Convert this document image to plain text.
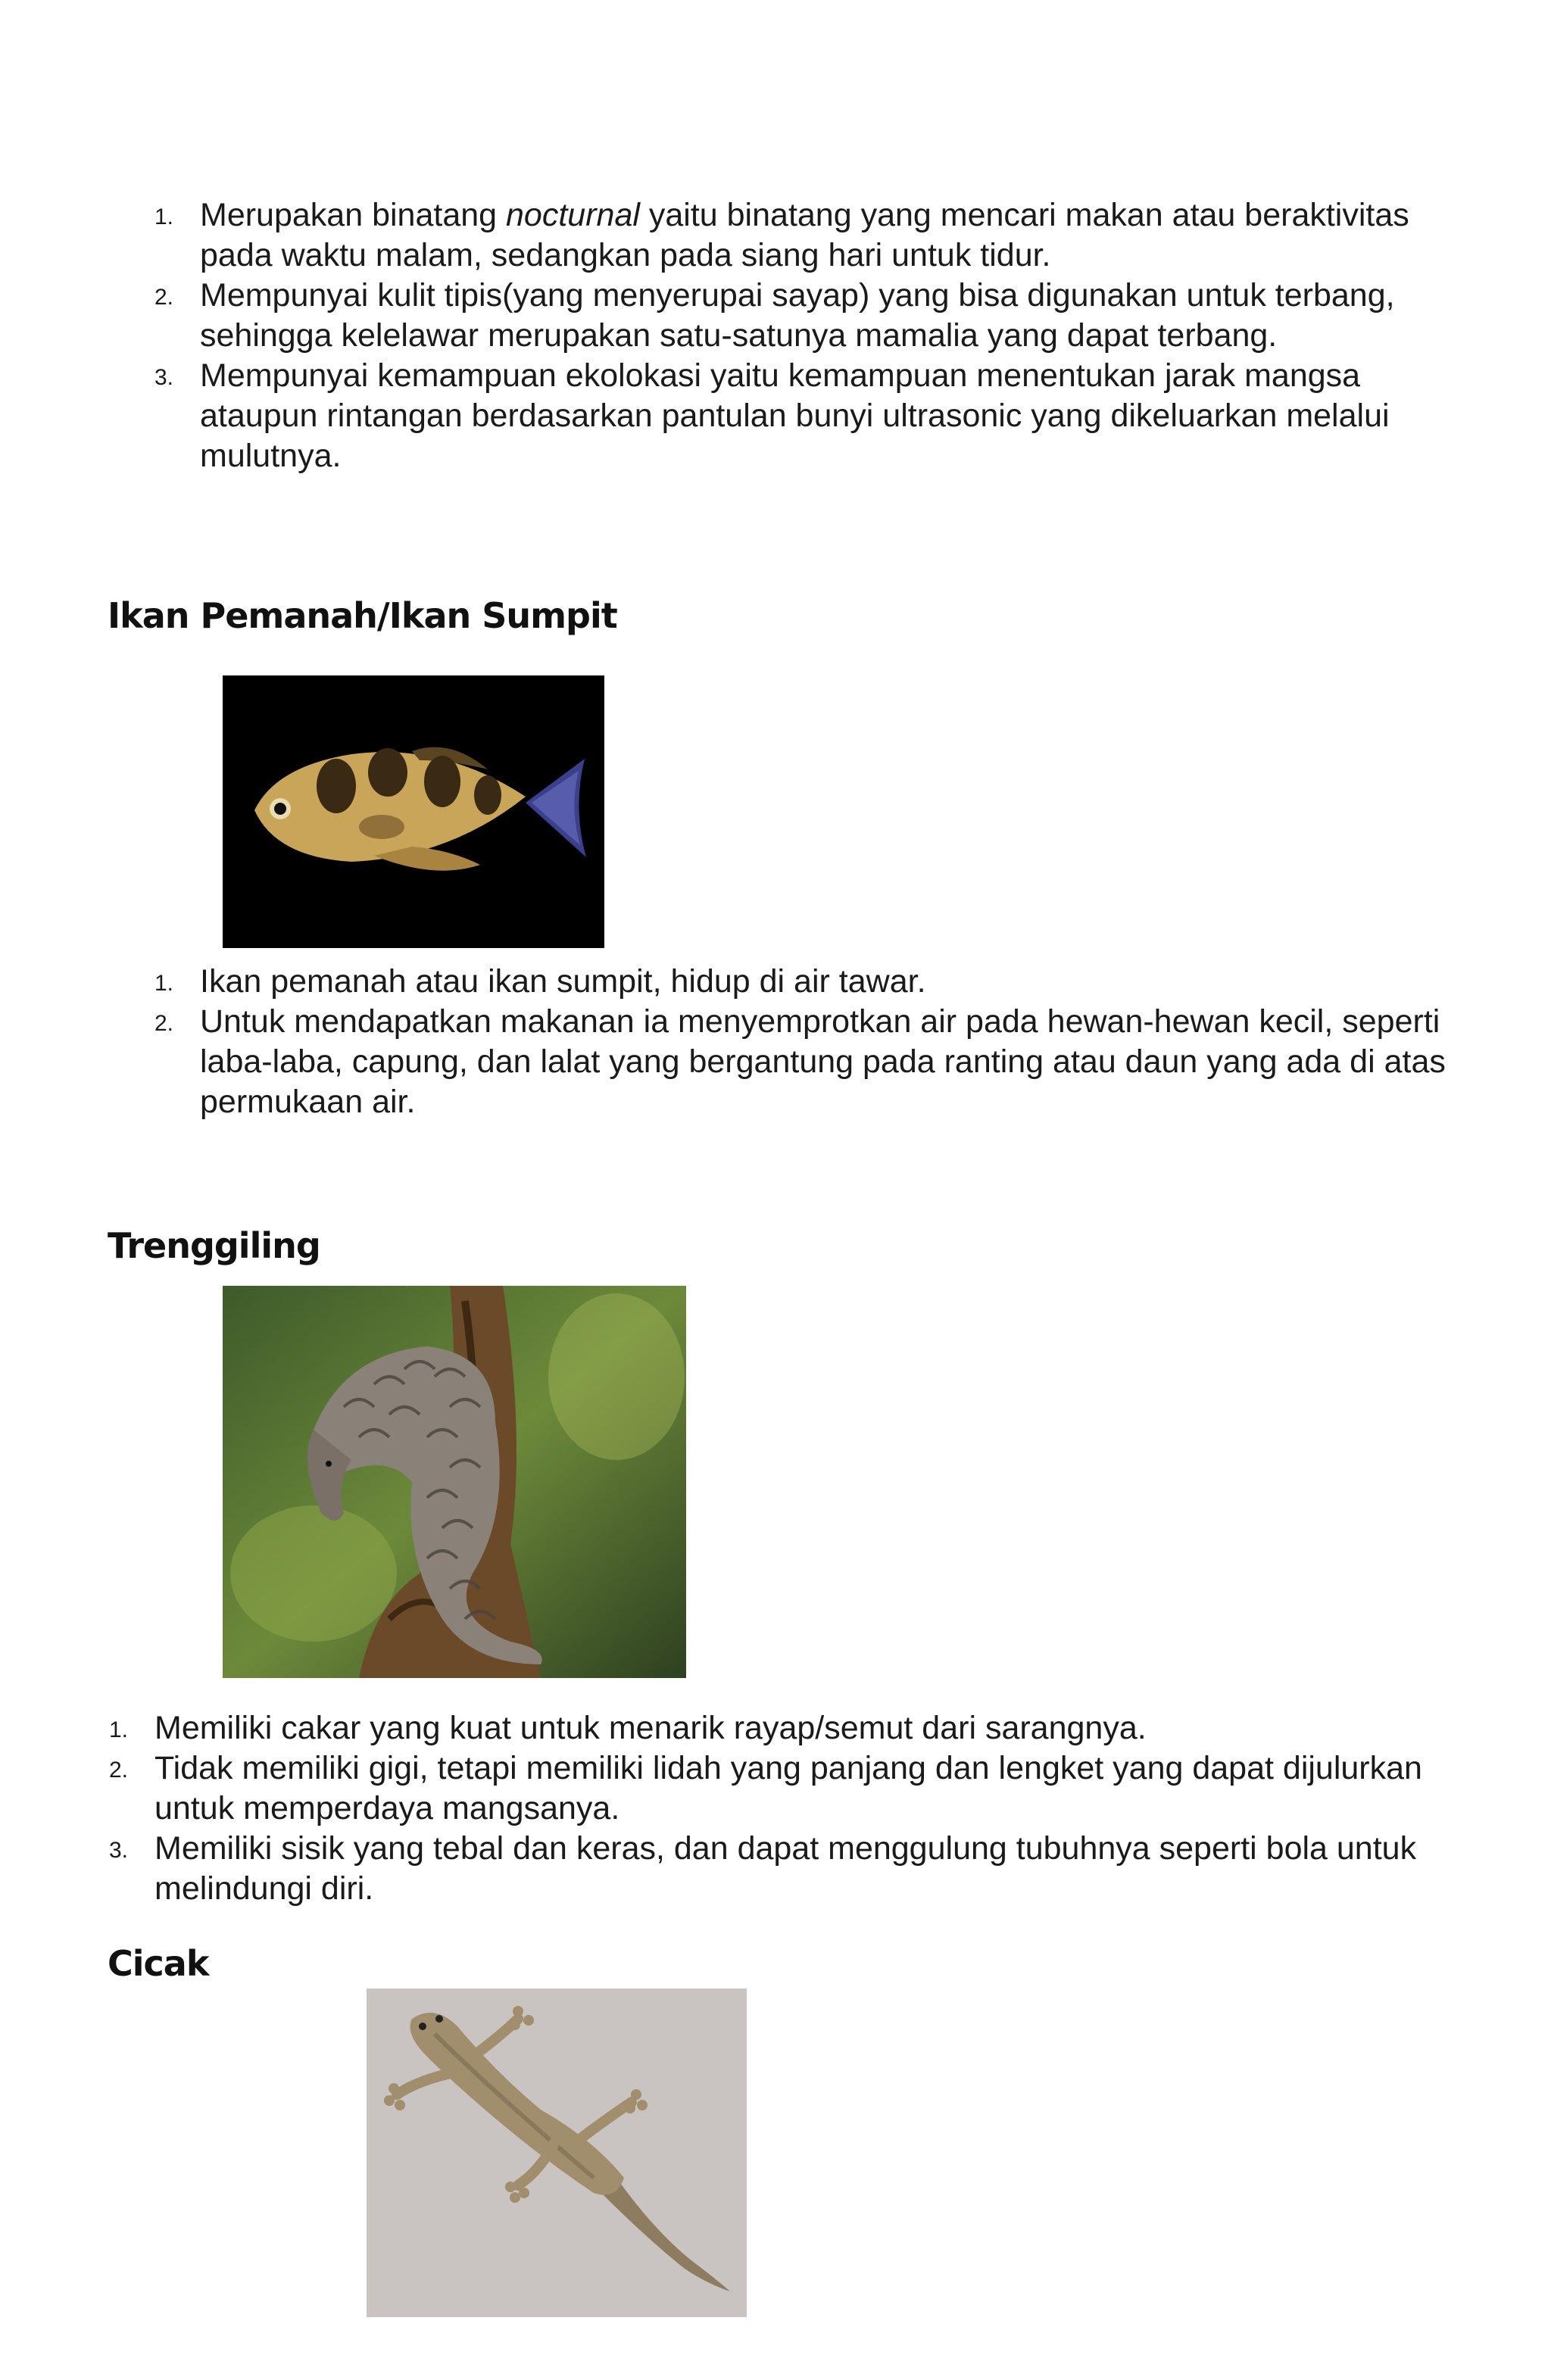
1. Merupakan binatang nocturnal yaitu binatang yang mencari makan atau beraktivitas pada waktu malam, sedangkan pada siang hari untuk tidur.
2. Mempunyai kulit tipis(yang menyerupai sayap) yang bisa digunakan untuk terbang, sehingga kelelawar merupakan satu-satunya mamalia yang dapat terbang.
3. Mempunyai kemampuan ekolokasi yaitu kemampuan menentukan jarak mangsa ataupun rintangan berdasarkan pantulan bunyi ultrasonic yang dikeluarkan melalui mulutnya.
Ikan Pemanah/Ikan Sumpit
1. Ikan pemanah atau ikan sumpit, hidup di air tawar.
2. Untuk mendapatkan makanan ia menyemprotkan air pada hewan-hewan kecil, seperti laba-laba, capung, dan lalat yang bergantung pada ranting atau daun yang ada di atas permukaan air.
Trenggiling
1. Memiliki cakar yang kuat untuk menarik rayap/semut dari sarangnya.
2. Tidak memiliki gigi, tetapi memiliki lidah yang panjang dan lengket yang dapat dijulurkan untuk memperdaya mangsanya.
3. Memiliki sisik yang tebal dan keras, dan dapat menggulung tubuhnya seperti bola untuk melindungi diri.
Cicak
